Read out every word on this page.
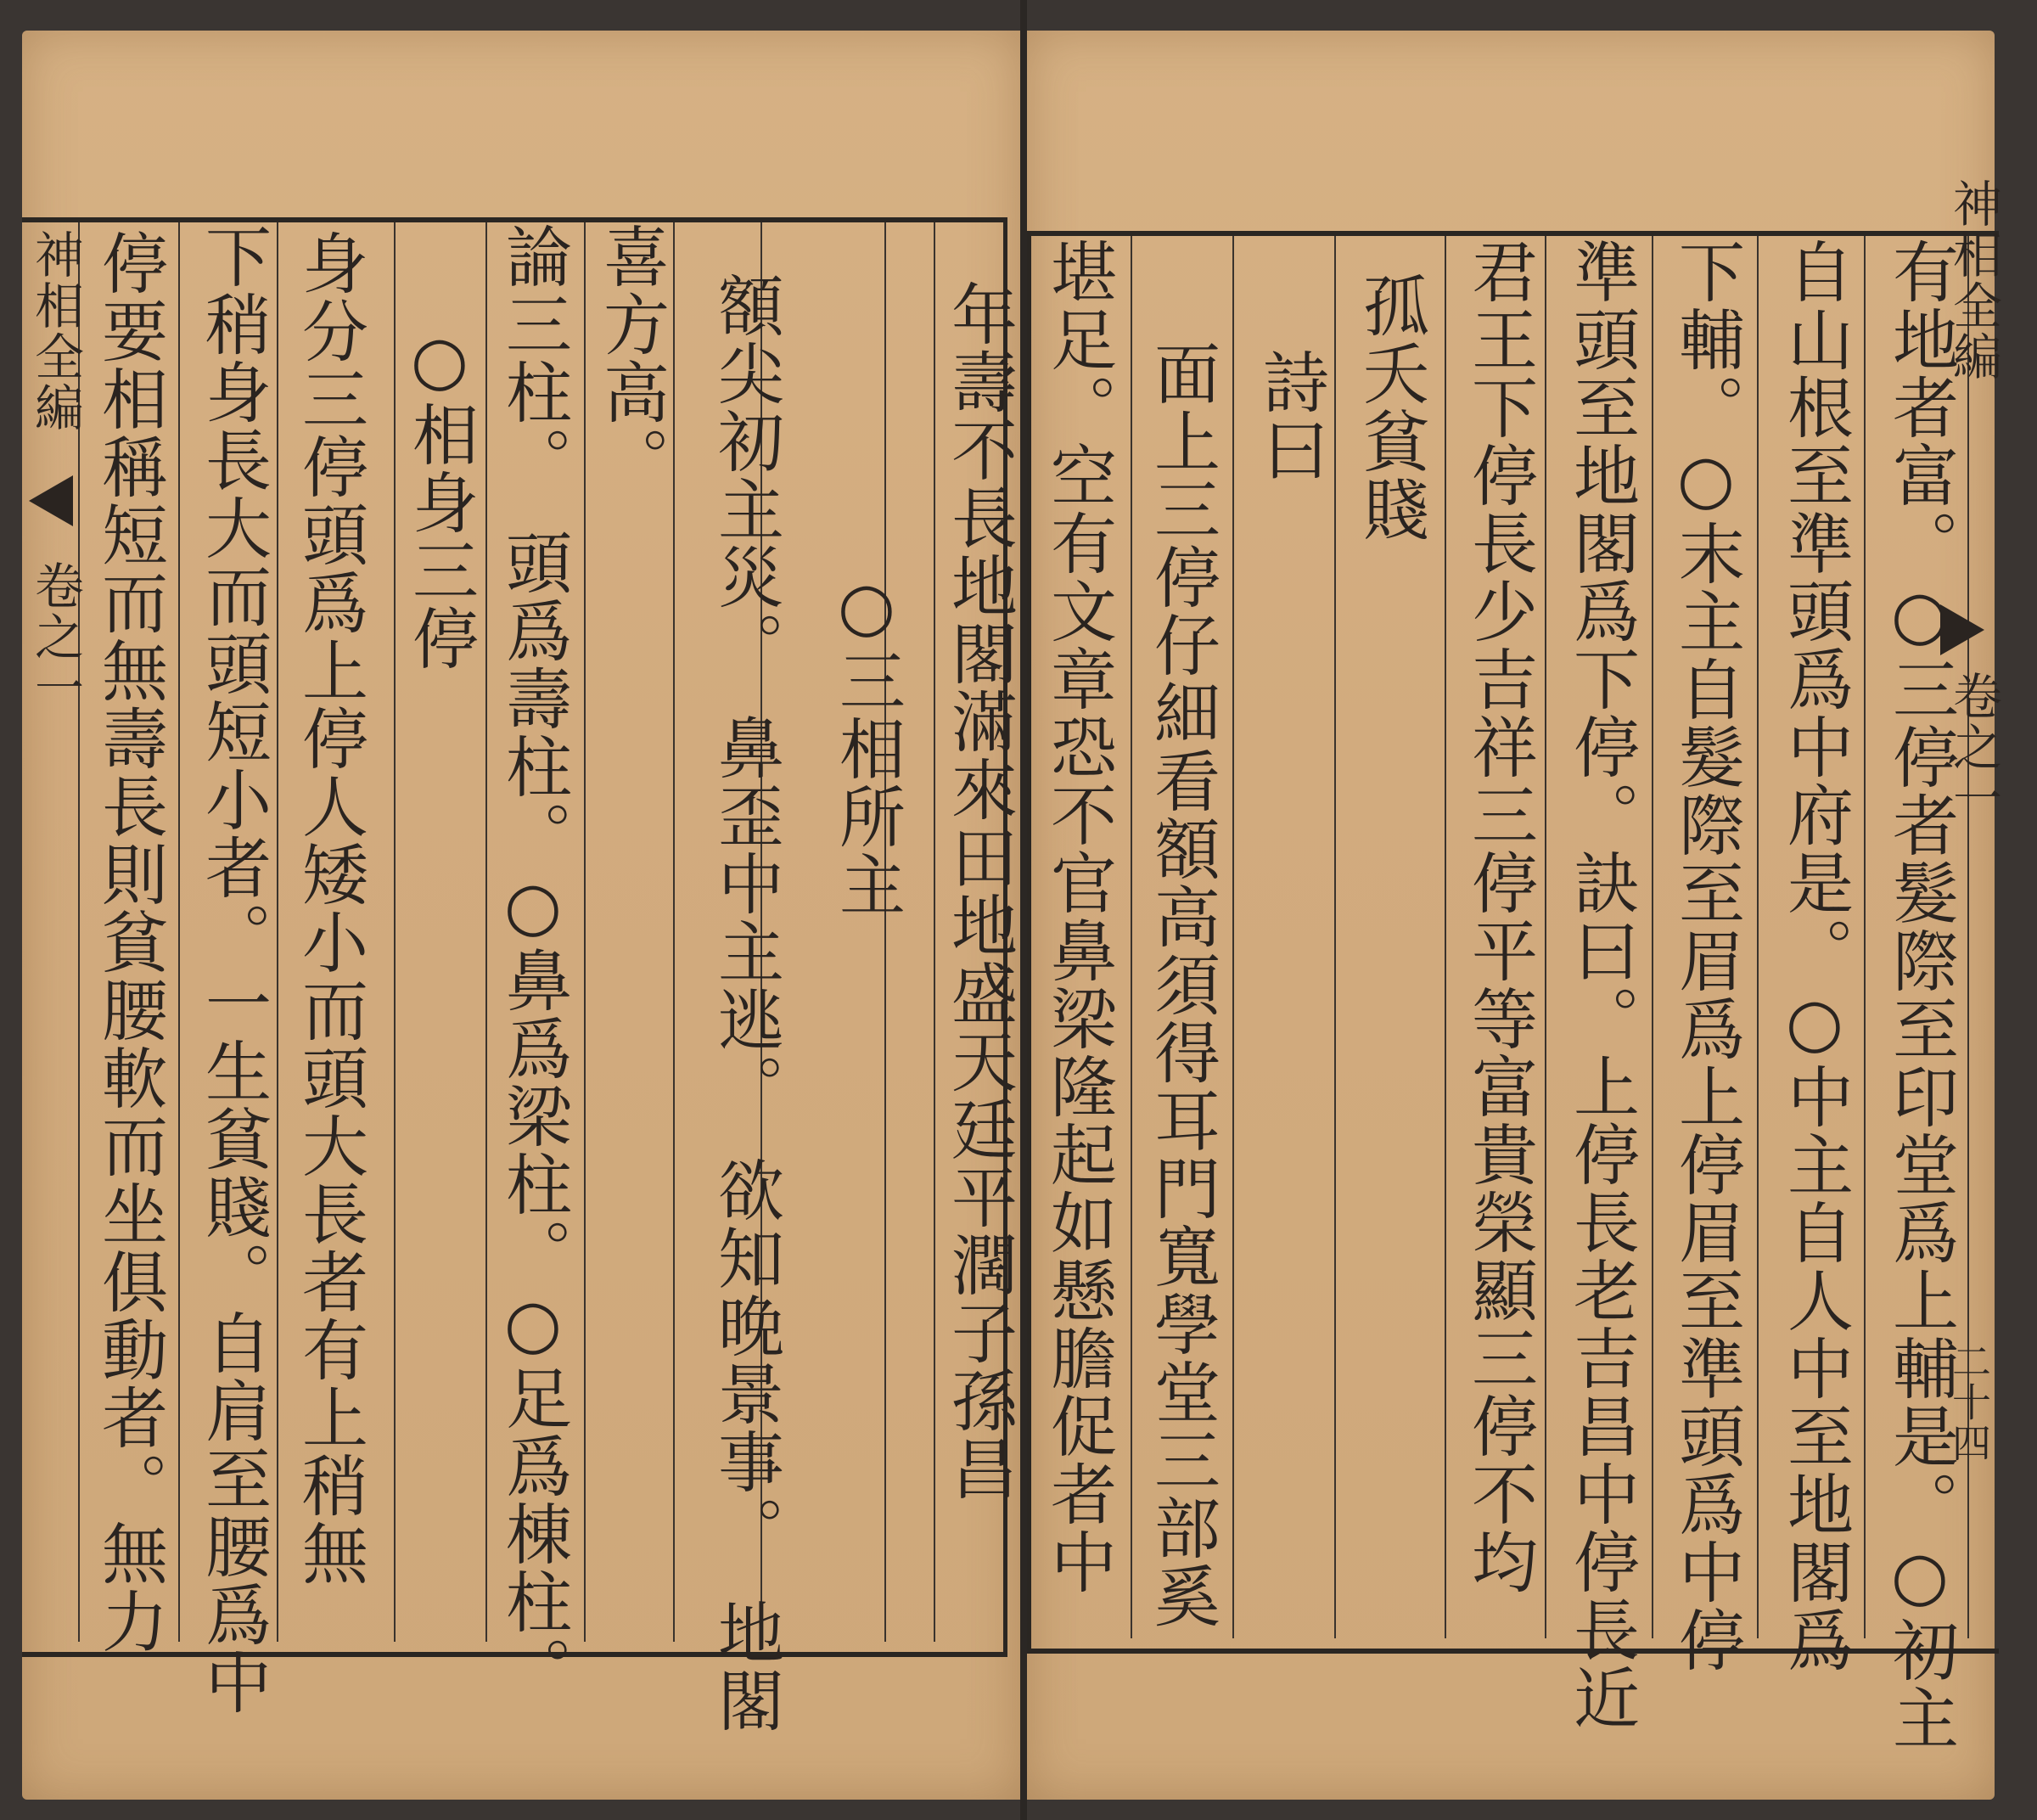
神相全編
卷之一	年壽不長地閣滿來田地盛天廷平濶子孫昌
○三相所主
額尖初主災。　鼻歪中主逃。　欲知晚景事。　地閣
喜方高。
論三柱。　頭爲壽柱。○鼻爲梁柱。○足爲棟柱。
○相身三停
身分三停頭爲上停人矮小而頭大長者有上稍無
下稍身長大而頭短小者。一生貧賤。自肩至腰爲中
停要相稱短而無壽長則貧腰軟而坐俱動者。無力	有地者富。○三停者髮際至印堂爲上輔是。○初主
自山根至準頭爲中府是。○中主自人中至地閣爲
下輔。○末主自髮際至眉爲上停眉至準頭爲中停
準頭至地閣爲下停。訣曰。上停長老吉昌中停長近
君王下停長少吉祥三停平等富貴榮顯三停不均
孤夭貧賤
詩曰
面上三停仔細看額高須得耳門寬學堂三部奚
堪足。空有文章恐不官鼻梁隆起如懸膽促者中	神相全編
卷之一
二十四
